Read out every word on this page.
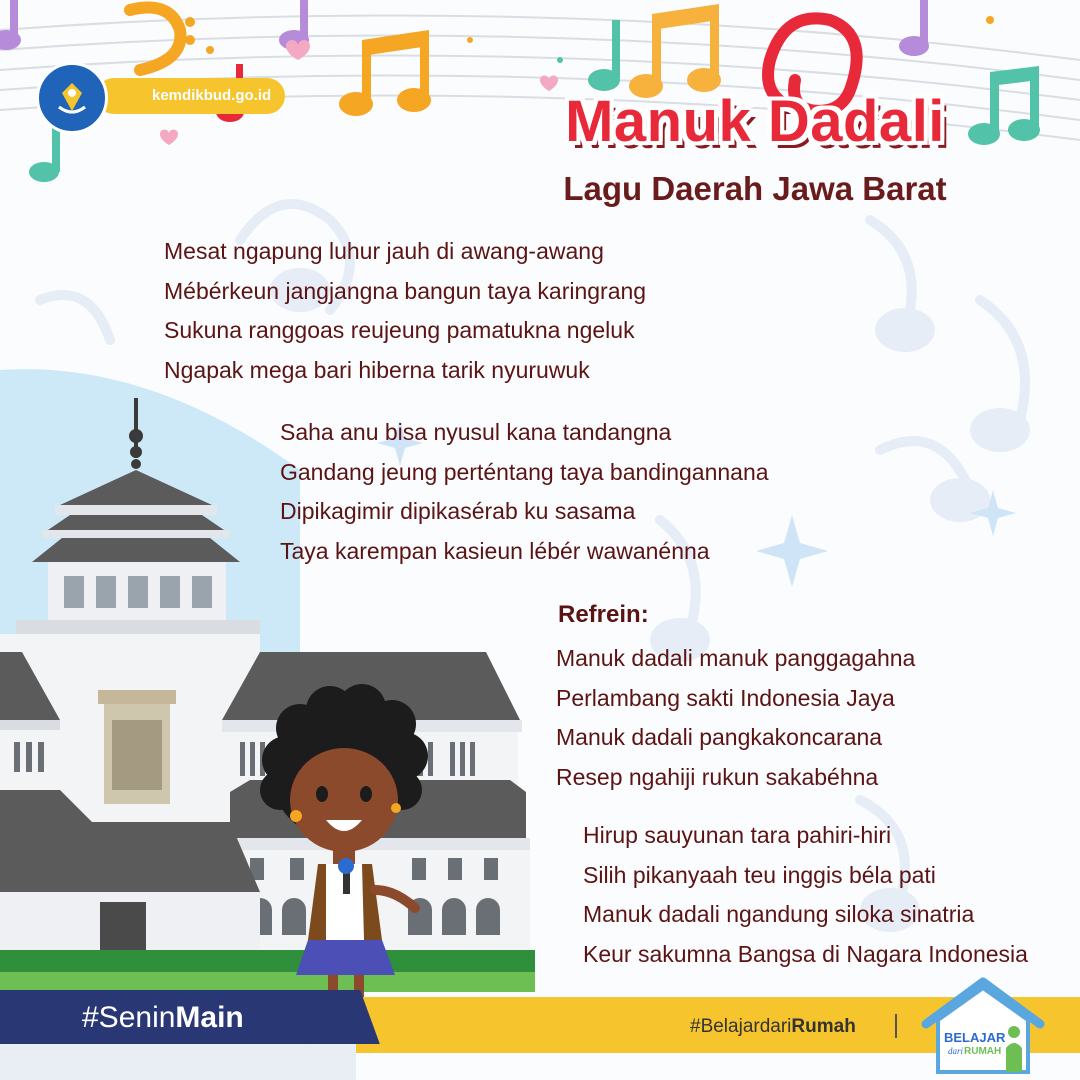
kemdikbud.go.id	Manuk Dadali
Lagu Daerah Jawa Barat
Mesat ngapung luhur jauh di awang-awang
Mébérkeun jangjangna bangun taya karingrang
Sukuna ranggoas reujeung pamatukna ngeluk
Ngapak mega bari hiberna tarik nyuruwuk
Saha anu bisa nyusul kana tandangna
Gandang jeung perténtang taya bandingannana
Dipikagimir dipikasérab ku sasama
Taya karempan kasieun lébér wawanénna
Refrein:
Manuk dadali manuk panggagahna
Perlambang sakti Indonesia Jaya
Manuk dadali pangkakoncarana
Resep ngahiji rukun sakabéhna
Hirup sauyunan tara pahiri-hiri
Silih pikanyaah teu inggis béla pati
Manuk dadali ngandung siloka sinatria
Keur sakumna Bangsa di Nagara Indonesia
#SeninMain	#BelajardariRumah
BELAJAR
dari RUMAH
